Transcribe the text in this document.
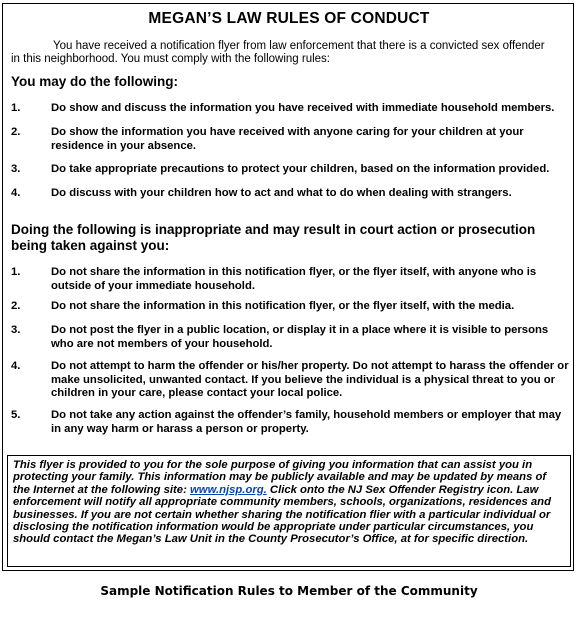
MEGAN’S LAW RULES OF CONDUCT
You have received a notification flyer from law enforcement that there is a convicted sex offender
in this neighborhood. You must comply with the following rules:
You may do the following:
1.	Do show and discuss the information you have received with immediate household members.
2.	Do show the information you have received with anyone caring for your children at your residence in your absence.
3.	Do take appropriate precautions to protect your children, based on the information provided.
4.	Do discuss with your children how to act and what to do when dealing with strangers.
Doing the following is inappropriate and may result in court action or prosecution being taken against you:
1.	Do not share the information in this notification flyer, or the flyer itself, with anyone who is outside of your immediate household.
2.	Do not share the information in this notification flyer, or the flyer itself, with the media.
3.	Do not post the flyer in a public location, or display it in a place where it is visible to persons who are not members of your household.
4.	Do not attempt to harm the offender or his/her property. Do not attempt to harass the offender or make unsolicited, unwanted contact. If you believe the individual is a physical threat to you or children in your care, please contact your local police.
5.	Do not take any action against the offender’s family, household members or employer that may in any way harm or harass a person or property.
This flyer is provided to you for the sole purpose of giving you information that can assist you in protecting your family. This information may be publicly available and may be updated by means of the Internet at the following site: www.njsp.org. Click onto the NJ Sex Offender Registry icon. Law enforcement will notify all appropriate community members, schools, organizations, residences and businesses. If you are not certain whether sharing the notification flier with a particular individual or disclosing the notification information would be appropriate under particular circumstances, you should contact the Megan’s Law Unit in the County Prosecutor’s Office, at for specific direction.
Sample Notification Rules to Member of the Community
